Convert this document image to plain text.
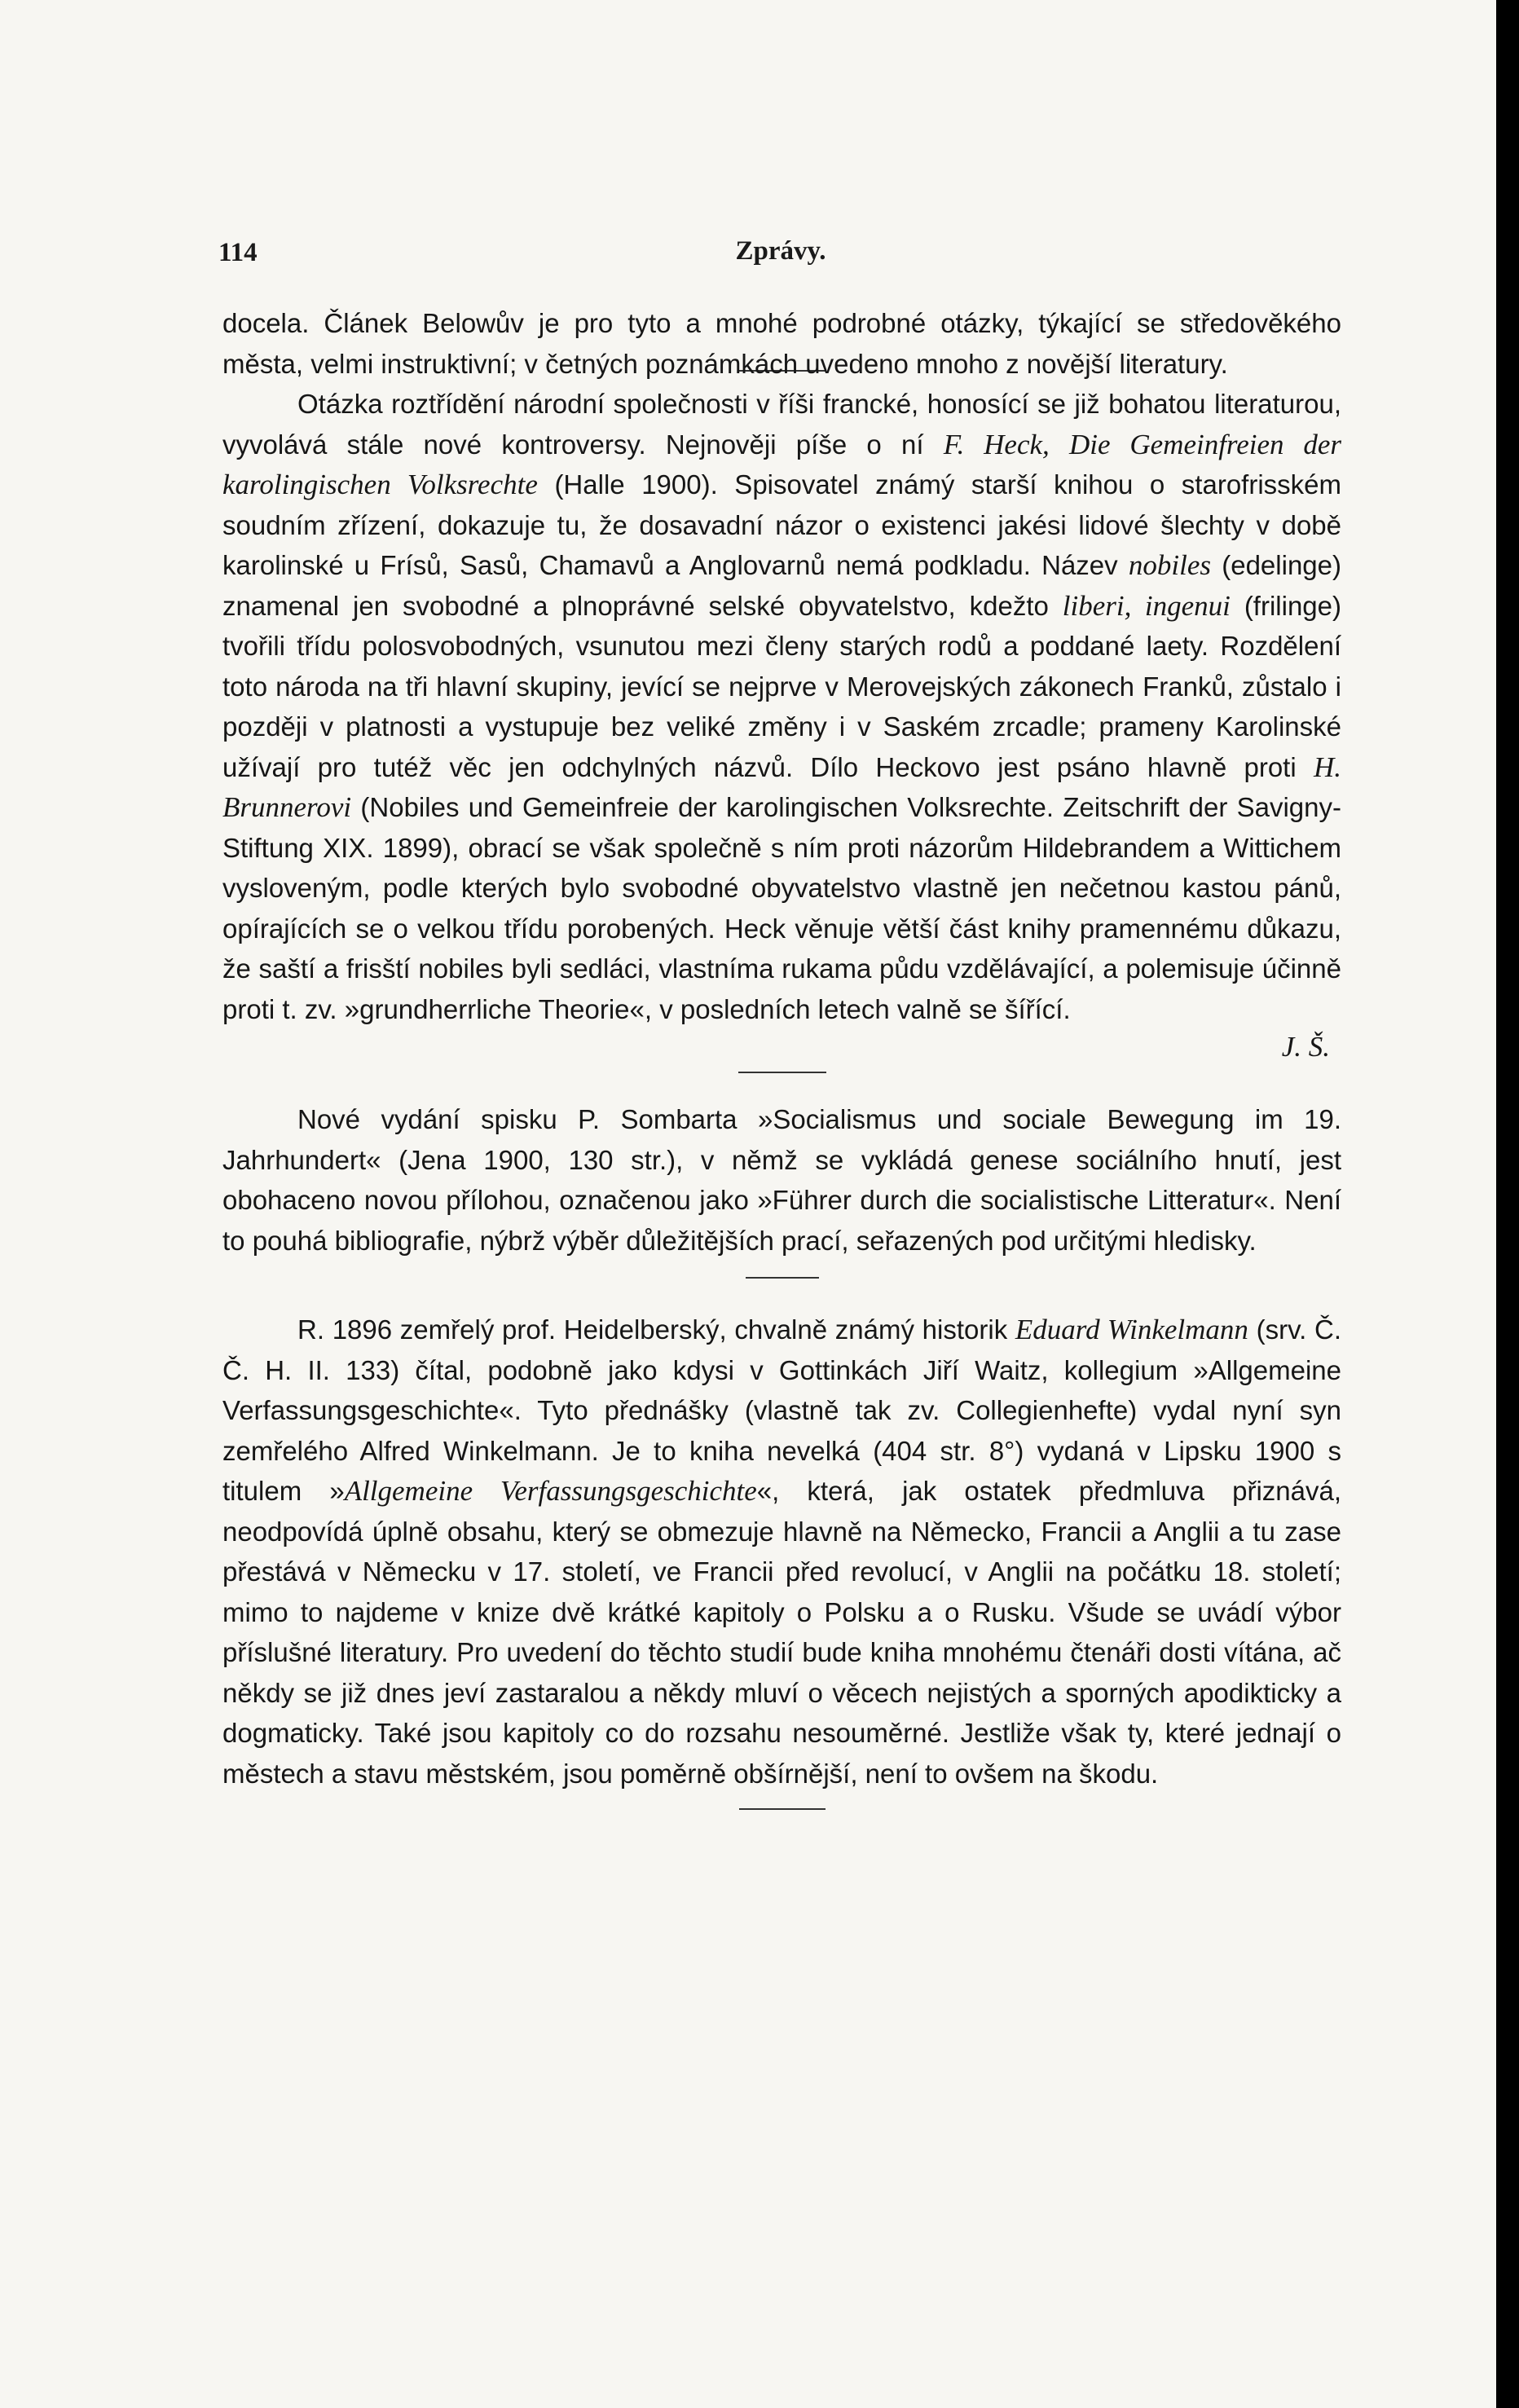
114	Zprávy.

docela. Článek Belowův je pro tyto a mnohé podrobné otázky, týkající se středověkého města, velmi instruktivní; v četných poznámkách uvedeno mnoho z novější literatury.

Otázka roztřídění národní společnosti v říši francké, honosící se již bohatou literaturou, vyvolává stále nové kontroversy. Nejnověji píše o ní F. Heck, Die Gemeinfreien der karolingischen Volksrechte (Halle 1900). Spisovatel známý starší knihou o starofrisském soudním zřízení, dokazuje tu, že dosavadní názor o existenci jakési lidové šlechty v době karolinské u Frísů, Sasů, Chamavů a Anglovarnů nemá podkladu. Název nobiles (edelinge) znamenal jen svobodné a plnoprávné selské obyvatelstvo, kdežto liberi, ingenui (frilinge) tvořili třídu polosvobodných, vsunutou mezi členy starých rodů a poddané laety. Rozdělení toto národa na tři hlavní skupiny, jevící se nejprve v Merovejských zákonech Franků, zůstalo i později v platnosti a vystupuje bez veliké změny i v Saském zrcadle; prameny Karolinské užívají pro tutéž věc jen odchylných názvů. Dílo Heckovo jest psáno hlavně proti H. Brunnerovi (Nobiles und Gemeinfreie der karolingischen Volksrechte. Zeitschrift der Savigny-Stiftung XIX. 1899), obrací se však společně s ním proti názorům Hildebrandem a Wittichem vysloveným, podle kterých bylo svobodné obyvatelstvo vlastně jen nečetnou kastou pánů, opírajících se o velkou třídu porobených. Heck věnuje větší část knihy pramennému důkazu, že saští a frisští nobiles byli sedláci, vlastníma rukama půdu vzdělávající, a polemisuje účinně proti t. zv. »grundherrliche Theorie«, v posledních letech valně se šířící.

J. Š.

Nové vydání spisku P. Sombarta »Socialismus und sociale Bewegung im 19. Jahrhundert« (Jena 1900, 130 str.), v němž se vykládá genese sociálního hnutí, jest obohaceno novou přílohou, označenou jako »Führer durch die socialistische Litteratur«. Není to pouhá bibliografie, nýbrž výběr důležitějších prací, seřazených pod určitými hledisky.

R. 1896 zemřelý prof. Heidelberský, chvalně známý historik Eduard Winkelmann (srv. Č. Č. H. II. 133) čítal, podobně jako kdysi v Gottinkách Jiří Waitz, kollegium »Allgemeine Verfassungsgeschichte«. Tyto přednášky (vlastně tak zv. Collegienhefte) vydal nyní syn zemřelého Alfred Winkelmann. Je to kniha nevelká (404 str. 8°) vydaná v Lipsku 1900 s titulem »Allgemeine Verfassungsgeschichte«, která, jak ostatek předmluva přiznává, neodpovídá úplně obsahu, který se obmezuje hlavně na Německo, Francii a Anglii a tu zase přestává v Německu v 17. století, ve Francii před revolucí, v Anglii na počátku 18. století; mimo to najdeme v knize dvě krátké kapitoly o Polsku a o Rusku. Všude se uvádí výbor příslušné literatury. Pro uvedení do těchto studií bude kniha mnohému čtenáři dosti vítána, ač někdy se již dnes jeví zastaralou a někdy mluví o věcech nejistých a sporných apodikticky a dogmaticky. Také jsou kapitoly co do rozsahu nesouměrné. Jestliže však ty, které jednají o městech a stavu městském, jsou poměrně obšírnější, není to ovšem na škodu.
